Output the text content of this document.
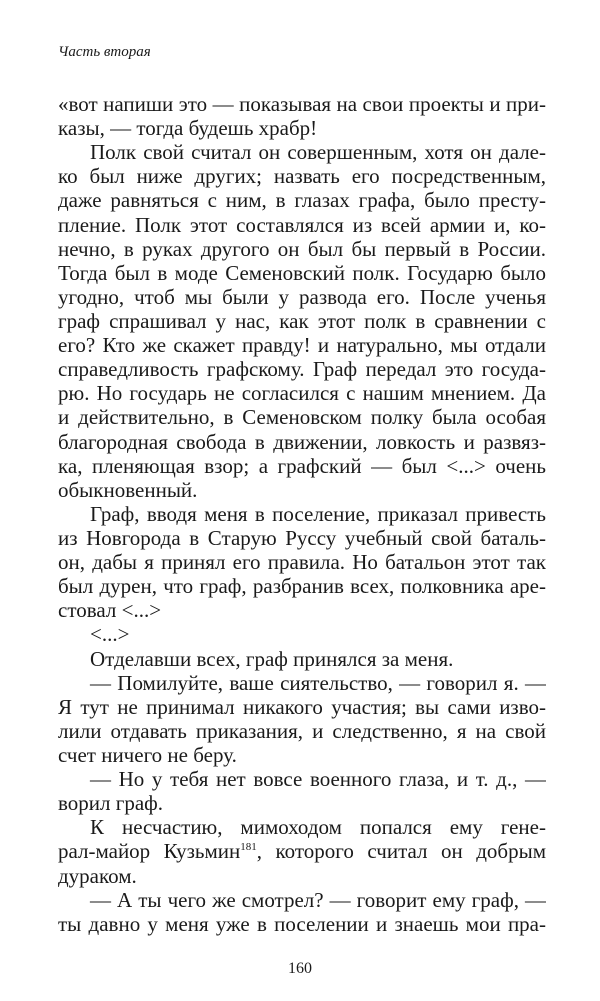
Часть вторая
«вот напиши это — показывая на свои проекты и при-
казы, — тогда будешь храбр!
Полк свой считал он совершенным, хотя он дале-
ко был ниже других; назвать его посредственным,
даже равняться с ним, в глазах графа, было престу-
пление. Полк этот составлялся из всей армии и, ко-
нечно, в руках другого он был бы первый в России.
Тогда был в моде Семеновский полк. Государю было
угодно, чтоб мы были у развода его. После ученья
граф спрашивал у нас, как этот полк в сравнении с
его? Кто же скажет правду! и натурально, мы отдали
справедливость графскому. Граф передал это госуда-
рю. Но государь не согласился с нашим мнением. Да
и действительно, в Семеновском полку была особая
благородная свобода в движении, ловкость и развяз-
ка, пленяющая взор; а графский — был <...> очень
обыкновенный.
Граф, вводя меня в поселение, приказал привесть
из Новгорода в Старую Руссу учебный свой баталь-
он, дабы я принял его правила. Но батальон этот так
был дурен, что граф, разбранив всех, полковника аре-
стовал <...>
<...>
Отделавши всех, граф принялся за меня.
— Помилуйте, ваше сиятельство, — говорил я. —
Я тут не принимал никакого участия; вы сами изво-
лили отдавать приказания, и следственно, я на свой
счет ничего не беру.
— Но у тебя нет вовсе военного глаза, и т. д., —
ворил граф.
К несчастию, мимоходом попался ему гене-
рал-майор Кузьмин$^{181}$, которого считал он добрым
дураком.
— А ты чего же смотрел? — говорит ему граф, —
ты давно у меня уже в поселении и знаешь мои пра-
160
